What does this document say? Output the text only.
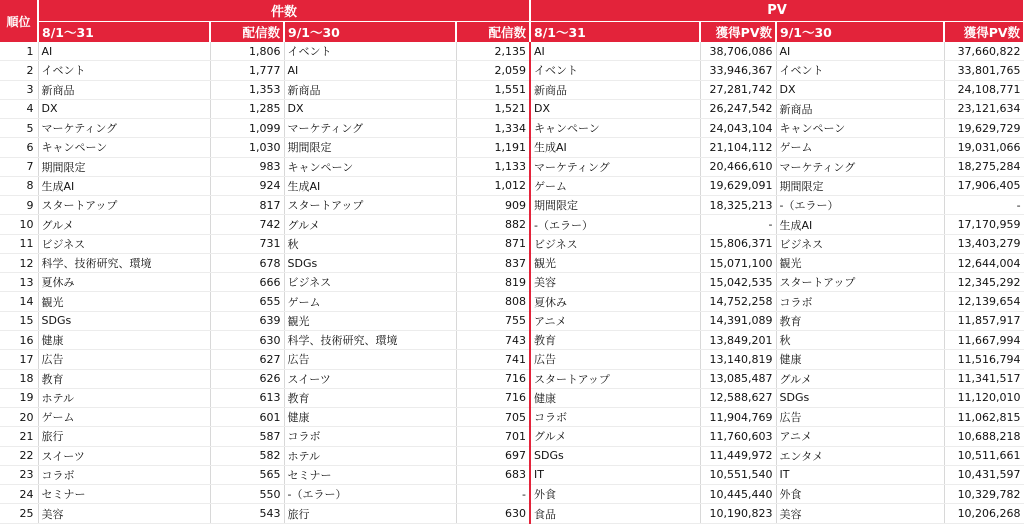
順位	件数				PV			
	8/1～31	配信数	9/1～30	配信数	8/1～31	獲得PV数	9/1～30	獲得PV数
1	AI	1,806	イベント	2,135	AI	38,706,086	AI	37,660,822
2	イベント	1,777	AI	2,059	イベント	33,946,367	イベント	33,801,765
3	新商品	1,353	新商品	1,551	新商品	27,281,742	DX	24,108,771
4	DX	1,285	DX	1,521	DX	26,247,542	新商品	23,121,634
5	マーケティング	1,099	マーケティング	1,334	キャンペーン	24,043,104	キャンペーン	19,629,729
6	キャンペーン	1,030	期間限定	1,191	生成AI	21,104,112	ゲーム	19,031,066
7	期間限定	983	キャンペーン	1,133	マーケティング	20,466,610	マーケティング	18,275,284
8	生成AI	924	生成AI	1,012	ゲーム	19,629,091	期間限定	17,906,405
9	スタートアップ	817	スタートアップ	909	期間限定	18,325,213	-（エラー）	-
10	グルメ	742	グルメ	882	-（エラー）	-	生成AI	17,170,959
11	ビジネス	731	秋	871	ビジネス	15,806,371	ビジネス	13,403,279
12	科学、技術研究、環境	678	SDGs	837	観光	15,071,100	観光	12,644,004
13	夏休み	666	ビジネス	819	美容	15,042,535	スタートアップ	12,345,292
14	観光	655	ゲーム	808	夏休み	14,752,258	コラボ	12,139,654
15	SDGs	639	観光	755	アニメ	14,391,089	教育	11,857,917
16	健康	630	科学、技術研究、環境	743	教育	13,849,201	秋	11,667,994
17	広告	627	広告	741	広告	13,140,819	健康	11,516,794
18	教育	626	スイーツ	716	スタートアップ	13,085,487	グルメ	11,341,517
19	ホテル	613	教育	716	健康	12,588,627	SDGs	11,120,010
20	ゲーム	601	健康	705	コラボ	11,904,769	広告	11,062,815
21	旅行	587	コラボ	701	グルメ	11,760,603	アニメ	10,688,218
22	スイーツ	582	ホテル	697	SDGs	11,449,972	エンタメ	10,511,661
23	コラボ	565	セミナー	683	IT	10,551,540	IT	10,431,597
24	セミナー	550	-（エラー）	-	外食	10,445,440	外食	10,329,782
25	美容	543	旅行	630	食品	10,190,823	美容	10,206,268
